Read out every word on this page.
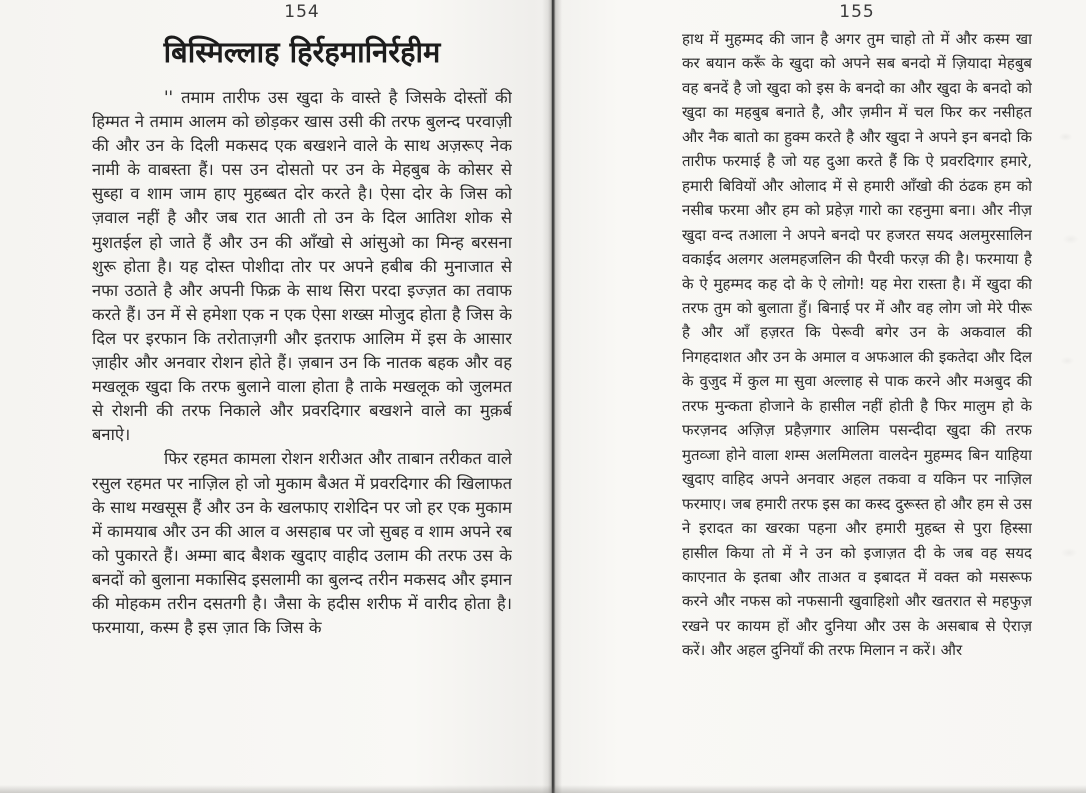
154
बिस्मिल्लाह हिर्रहमानिर्रहीम

'' तमाम तारीफ उस खुदा के वास्ते है जिसके दोस्तों की हिम्मत ने तमाम आलम को छोड़कर खास उसी की तरफ बुलन्द परवाज़ी की और उन के दिली मकसद एक बखशने वाले के साथ अज़रूए नेक नामी के वाबस्ता हैं। पस उन दोसतो पर उन के मेहबुब के कोसर से सुब्हा व शाम जाम हाए मुहब्बत दोर करते है। ऐसा दोर के जिस को ज़वाल नहीं है और जब रात आती तो उन के दिल आतिश शोक से मुशतईल हो जाते हैं और उन की आँखो से आंसुओ का मिन्ह बरसना शुरू होता है। यह दोस्त पोशीदा तोर पर अपने हबीब की मुनाजात से नफा उठाते है और अपनी फिक्र के साथ सिरा परदा इज्ज़त का तवाफ करते हैं। उन में से हमेशा एक न एक ऐसा शख्स मोजुद होता है जिस के दिल पर इरफान कि तरोताज़गी और इतराफ आलिम में इस के आसार ज़ाहीर और अनवार रोशन होते हैं। ज़बान उन कि नातक बहक और वह मखलूक खुदा कि तरफ बुलाने वाला होता है ताके मखलूक को जुलमत से रोशनी की तरफ निकाले और प्रवरदिगार बखशने वाले का मुक़र्ब बनाऐ।

फिर रहमत कामला रोशन शरीअत और ताबान तरीकत वाले रसुल रहमत पर नाज़िल हो जो मुकाम बैअत में प्रवरदिगार की खिलाफत के साथ मखसूस हैं और उन के खलफाए राशेदिन पर जो हर एक मुकाम में कामयाब और उन की आल व असहाब पर जो सुबह व शाम अपने रब को पुकारते हैं। अम्मा बाद बैशक खुदाए वाहीद उलाम की तरफ उस के बनदों को बुलाना मकासिद इसलामी का बुलन्द तरीन मकसद और इमान की मोहकम तरीन दसतगी है। जैसा के हदीस शरीफ में वारीद होता है। फरमाया, कस्म है इस ज़ात कि जिस के

155

हाथ में मुहम्मद की जान है अगर तुम चाहो तो में और कस्म खा कर बयान करूँ के खुदा को अपने सब बनदो में ज़ियादा मेहबुब वह बनदें है जो खुदा को इस के बनदो का और खुदा के बनदो को खुदा का महबुब बनाते है, और ज़मीन में चल फिर कर नसीहत और नैक बातो का हुक्म करते है और खुदा ने अपने इन बनदो कि तारीफ फरमाई है जो यह दुआ करते हैं कि ऐ प्रवरदिगार हमारे, हमारी बिवियों और ओलाद में से हमारी आँखो की ठंढक हम को नसीब फरमा और हम को प्रहेज़ गारो का रहनुमा बना। और नीज़ खुदा वन्द तआला ने अपने बनदो पर हजरत सयद अलमुरसालिन वकाईद अलगर अलमहजलिन की पैरवी फरज़ की है। फरमाया है के ऐ मुहम्मद कह दो के ऐ लोगो! यह मेरा रास्ता है। में खुदा की तरफ तुम को बुलाता हुँ। बिनाई पर में और वह लोग जो मेरे पीरू है और आँ हज़रत कि पेरूवी बगेर उन के अकवाल की निगहदाशत और उन के अमाल व अफआल की इकतेदा और दिल के वुजुद में कुल मा सुवा अल्लाह से पाक करने और मअबुद की तरफ मुन्कता होजाने के हासील नहीं होती है फिर मालुम हो के फरज़नद अज़िज़ प्रहैज़गार आलिम पसन्दीदा खुदा की तरफ मुतव्जा होने वाला शम्स अलमिलता वालदेन मुहम्मद बिन याहिया खुदाए वाहिद अपने अनवार अहल तकवा व यकिन पर नाज़िल फरमाए। जब हमारी तरफ इस का कस्द दुरूस्त हो और हम से उस ने इरादत का खरका पहना और हमारी मुहब्त से पुरा हिस्सा हासील किया तो में ने उन को इजाज़त दी के जब वह सयद काएनात के इतबा और ताअत व इबादत में वक्त को मसरूफ करने और नफस को नफसानी खुवाहिशो और खतरात से महफुज़ रखने पर कायम हों और दुनिया और उस के असबाब से ऐराज़ करें। और अहल दुनियाँ की तरफ मिलान न करें। और
